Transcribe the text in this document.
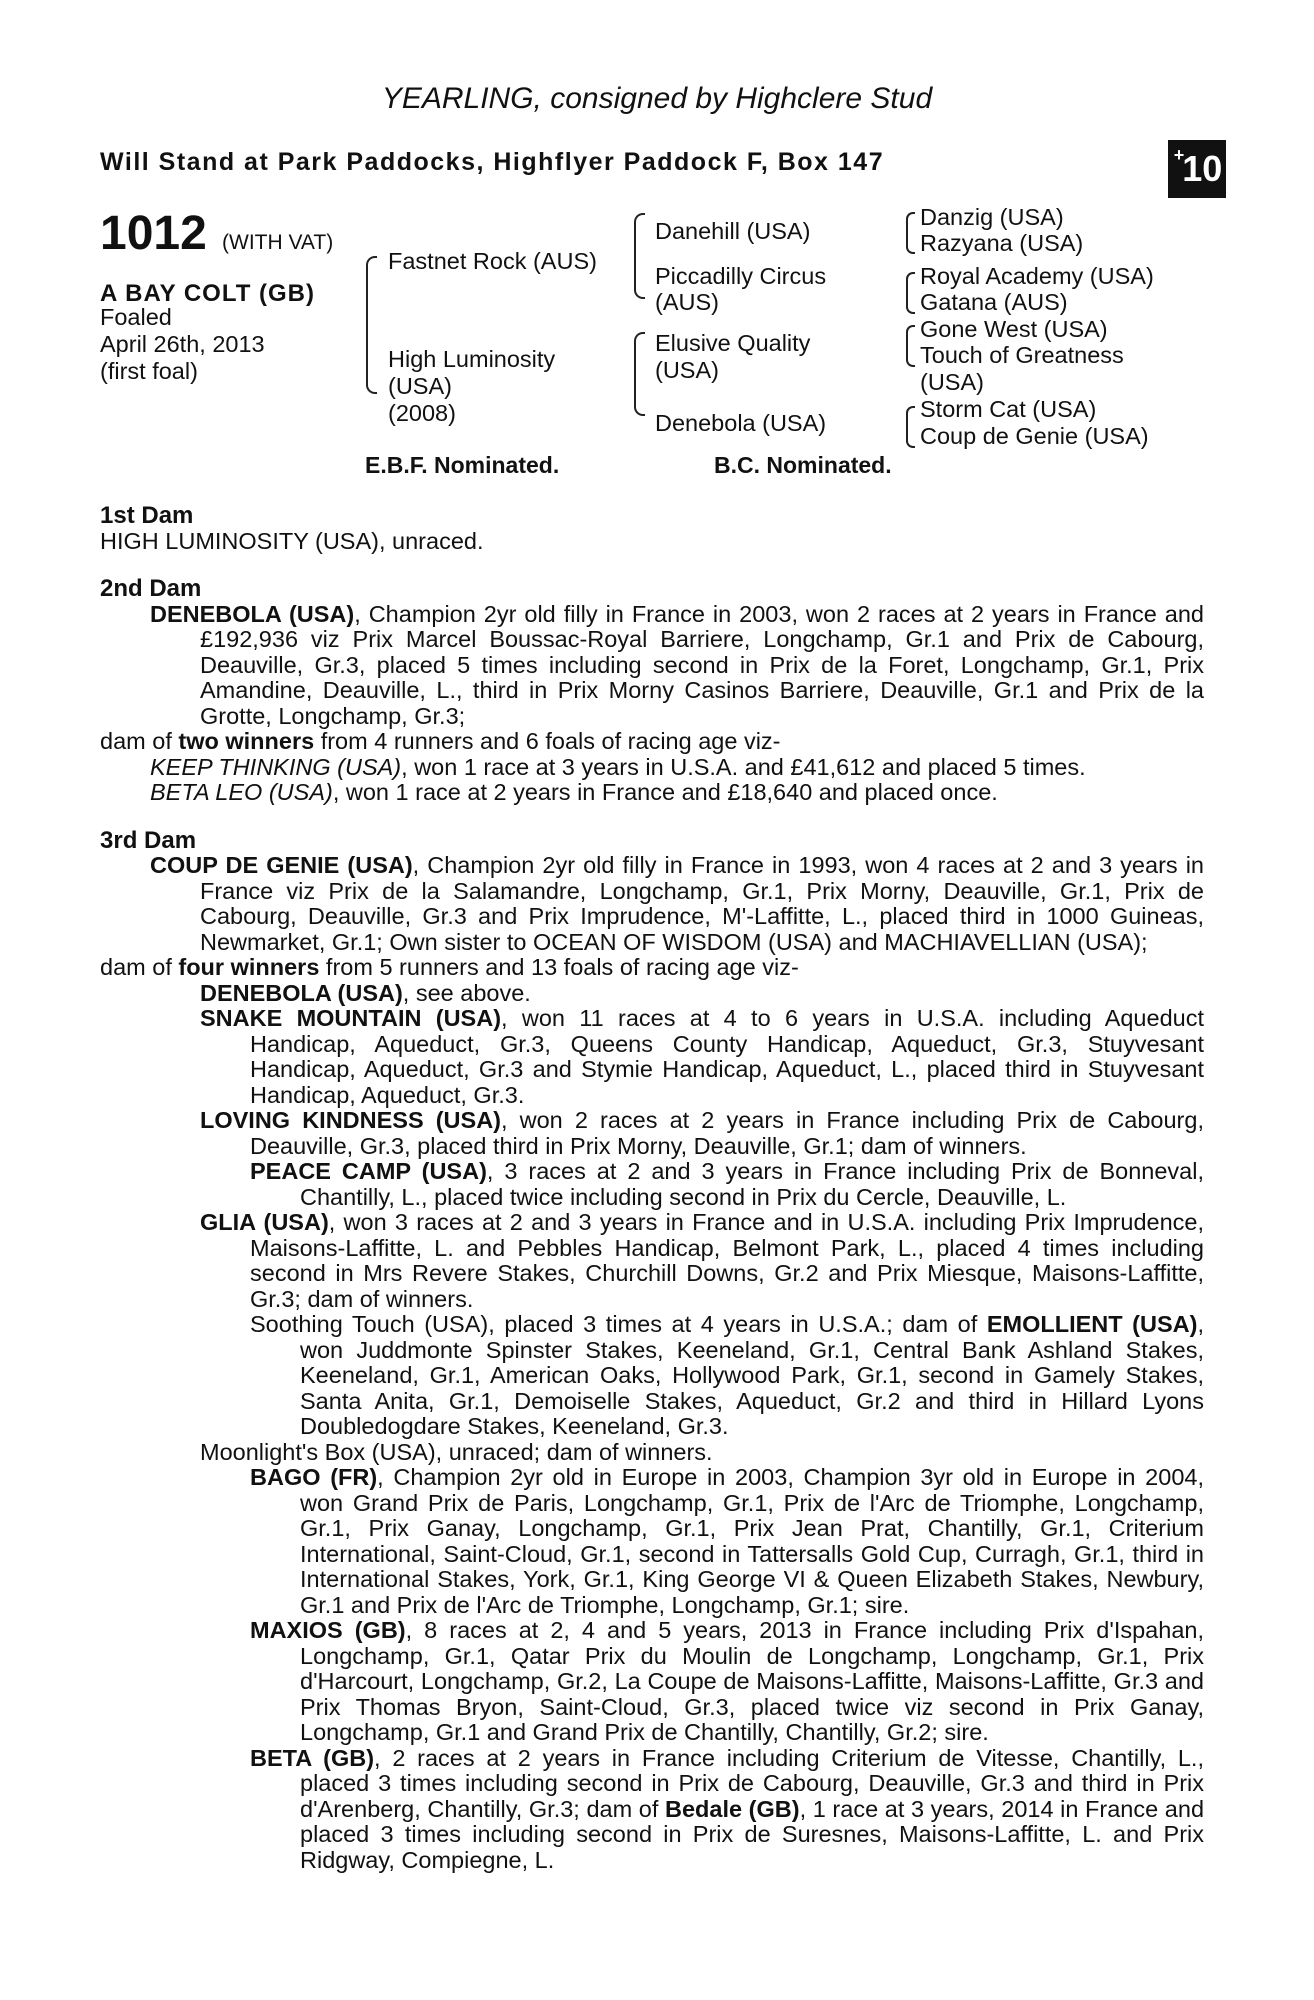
YEARLING, consigned by Highclere Stud
Will Stand at Park Paddocks, Highflyer Paddock F, Box 147	+10
1012 (WITH VAT)
A BAY COLT (GB)
Foaled
April 26th, 2013
(first foal)
Fastnet Rock (AUS)
High Luminosity
(USA)
(2008)
Danehill (USA)
Piccadilly Circus
(AUS)
Elusive Quality
(USA)
Denebola (USA)
Danzig (USA)
Razyana (USA)
Royal Academy (USA)
Gatana (AUS)
Gone West (USA)
Touch of Greatness
(USA)
Storm Cat (USA)
Coup de Genie (USA)
E.B.F. Nominated.	B.C. Nominated.

1st Dam

HIGH LUMINOSITY (USA), unraced.

2nd Dam

DENEBOLA (USA), Champion 2yr old filly in France in 2003, won 2 races at 2 years in France and £192,936 viz Prix Marcel Boussac-Royal Barriere, Longchamp, Gr.1 and Prix de Cabourg, Deauville, Gr.3, placed 5 times including second in Prix de la Foret, Longchamp, Gr.1, Prix Amandine, Deauville, L., third in Prix Morny Casinos Barriere, Deauville, Gr.1 and Prix de la Grotte, Longchamp, Gr.3;

dam of two winners from 4 runners and 6 foals of racing age viz-

KEEP THINKING (USA), won 1 race at 3 years in U.S.A. and £41,612 and placed 5 times.

BETA LEO (USA), won 1 race at 2 years in France and £18,640 and placed once.

3rd Dam

COUP DE GENIE (USA), Champion 2yr old filly in France in 1993, won 4 races at 2 and 3 years in France viz Prix de la Salamandre, Longchamp, Gr.1, Prix Morny, Deauville, Gr.1, Prix de Cabourg, Deauville, Gr.3 and Prix Imprudence, M'-Laffitte, L., placed third in 1000 Guineas, Newmarket, Gr.1; Own sister to OCEAN OF WISDOM (USA) and MACHIAVELLIAN (USA);

dam of four winners from 5 runners and 13 foals of racing age viz-

DENEBOLA (USA), see above.

SNAKE MOUNTAIN (USA), won 11 races at 4 to 6 years in U.S.A. including Aqueduct Handicap, Aqueduct, Gr.3, Queens County Handicap, Aqueduct, Gr.3, Stuyvesant Handicap, Aqueduct, Gr.3 and Stymie Handicap, Aqueduct, L., placed third in Stuyvesant Handicap, Aqueduct, Gr.3.

LOVING KINDNESS (USA), won 2 races at 2 years in France including Prix de Cabourg, Deauville, Gr.3, placed third in Prix Morny, Deauville, Gr.1; dam of winners.

PEACE CAMP (USA), 3 races at 2 and 3 years in France including Prix de Bonneval, Chantilly, L., placed twice including second in Prix du Cercle, Deauville, L.

GLIA (USA), won 3 races at 2 and 3 years in France and in U.S.A. including Prix Imprudence, Maisons-Laffitte, L. and Pebbles Handicap, Belmont Park, L., placed 4 times including second in Mrs Revere Stakes, Churchill Downs, Gr.2 and Prix Miesque, Maisons-Laffitte, Gr.3; dam of winners.

Soothing Touch (USA), placed 3 times at 4 years in U.S.A.; dam of EMOLLIENT (USA), won Juddmonte Spinster Stakes, Keeneland, Gr.1, Central Bank Ashland Stakes, Keeneland, Gr.1, American Oaks, Hollywood Park, Gr.1, second in Gamely Stakes, Santa Anita, Gr.1, Demoiselle Stakes, Aqueduct, Gr.2 and third in Hillard Lyons Doubledogdare Stakes, Keeneland, Gr.3.

Moonlight's Box (USA), unraced; dam of winners.

BAGO (FR), Champion 2yr old in Europe in 2003, Champion 3yr old in Europe in 2004, won Grand Prix de Paris, Longchamp, Gr.1, Prix de l'Arc de Triomphe, Longchamp, Gr.1, Prix Ganay, Longchamp, Gr.1, Prix Jean Prat, Chantilly, Gr.1, Criterium International, Saint-Cloud, Gr.1, second in Tattersalls Gold Cup, Curragh, Gr.1, third in International Stakes, York, Gr.1, King George VI & Queen Elizabeth Stakes, Newbury, Gr.1 and Prix de l'Arc de Triomphe, Longchamp, Gr.1; sire.

MAXIOS (GB), 8 races at 2, 4 and 5 years, 2013 in France including Prix d'Ispahan, Longchamp, Gr.1, Qatar Prix du Moulin de Longchamp, Longchamp, Gr.1, Prix d'Harcourt, Longchamp, Gr.2, La Coupe de Maisons-Laffitte, Maisons-Laffitte, Gr.3 and Prix Thomas Bryon, Saint-Cloud, Gr.3, placed twice viz second in Prix Ganay, Longchamp, Gr.1 and Grand Prix de Chantilly, Chantilly, Gr.2; sire.

BETA (GB), 2 races at 2 years in France including Criterium de Vitesse, Chantilly, L., placed 3 times including second in Prix de Cabourg, Deauville, Gr.3 and third in Prix d'Arenberg, Chantilly, Gr.3; dam of Bedale (GB), 1 race at 3 years, 2014 in France and placed 3 times including second in Prix de Suresnes, Maisons-Laffitte, L. and Prix Ridgway, Compiegne, L.
